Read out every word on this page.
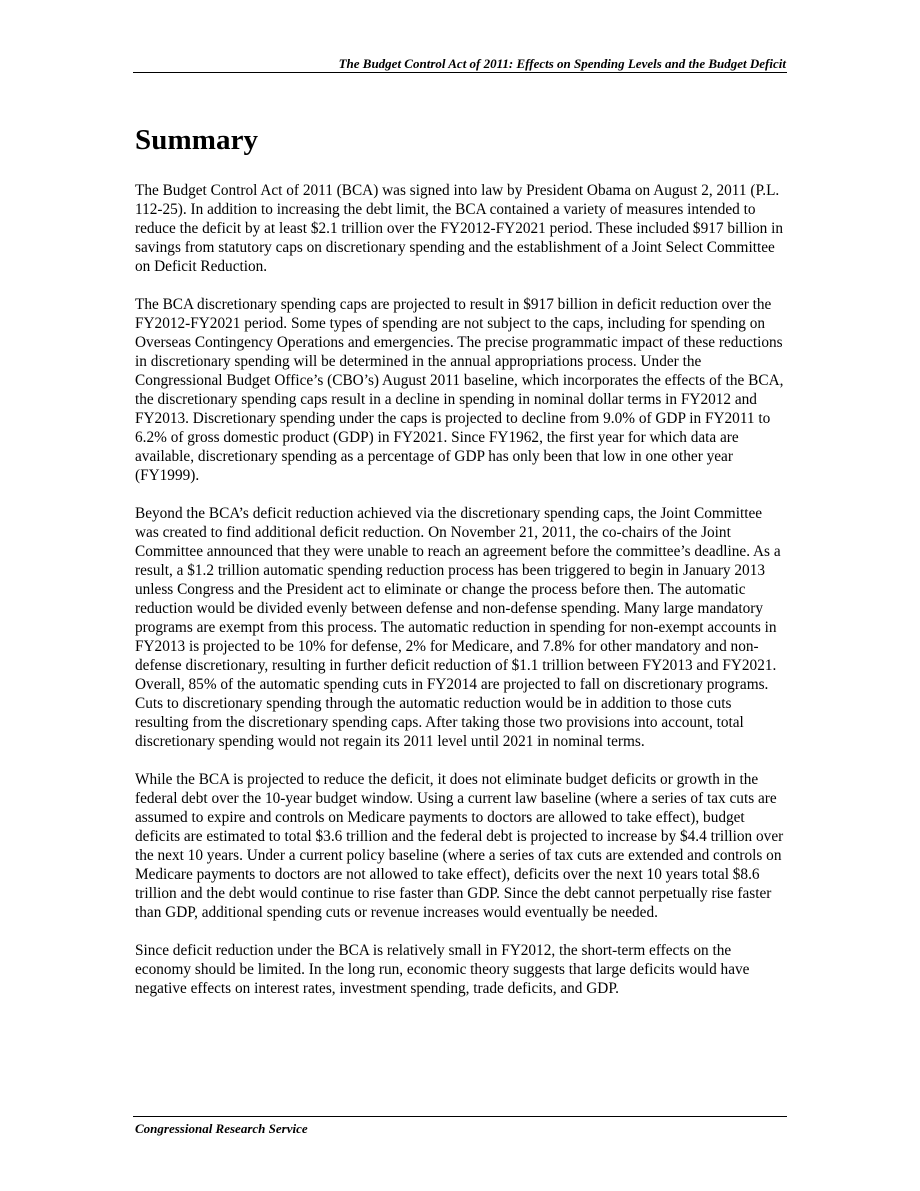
The Budget Control Act of 2011: Effects on Spending Levels and the Budget Deficit
Summary

The Budget Control Act of 2011 (BCA) was signed into law by President Obama on August 2, 2011 (P.L. 112-25). In addition to increasing the debt limit, the BCA contained a variety of measures intended to reduce the deficit by at least $2.1 trillion over the FY2012-FY2021 period. These included $917 billion in savings from statutory caps on discretionary spending and the establishment of a Joint Select Committee on Deficit Reduction.

The BCA discretionary spending caps are projected to result in $917 billion in deficit reduction over the FY2012-FY2021 period. Some types of spending are not subject to the caps, including for spending on Overseas Contingency Operations and emergencies. The precise programmatic impact of these reductions in discretionary spending will be determined in the annual appropriations process. Under the Congressional Budget Office’s (CBO’s) August 2011 baseline, which incorporates the effects of the BCA, the discretionary spending caps result in a decline in spending in nominal dollar terms in FY2012 and FY2013. Discretionary spending under the caps is projected to decline from 9.0% of GDP in FY2011 to 6.2% of gross domestic product (GDP) in FY2021. Since FY1962, the first year for which data are available, discretionary spending as a percentage of GDP has only been that low in one other year (FY1999).

Beyond the BCA’s deficit reduction achieved via the discretionary spending caps, the Joint Committee was created to find additional deficit reduction. On November 21, 2011, the co-chairs of the Joint Committee announced that they were unable to reach an agreement before the committee’s deadline. As a result, a $1.2 trillion automatic spending reduction process has been triggered to begin in January 2013 unless Congress and the President act to eliminate or change the process before then. The automatic reduction would be divided evenly between defense and non-defense spending. Many large mandatory programs are exempt from this process. The automatic reduction in spending for non-exempt accounts in FY2013 is projected to be 10% for defense, 2% for Medicare, and 7.8% for other mandatory and non-defense discretionary, resulting in further deficit reduction of $1.1 trillion between FY2013 and FY2021. Overall, 85% of the automatic spending cuts in FY2014 are projected to fall on discretionary programs. Cuts to discretionary spending through the automatic reduction would be in addition to those cuts resulting from the discretionary spending caps. After taking those two provisions into account, total discretionary spending would not regain its 2011 level until 2021 in nominal terms.

While the BCA is projected to reduce the deficit, it does not eliminate budget deficits or growth in the federal debt over the 10-year budget window. Using a current law baseline (where a series of tax cuts are assumed to expire and controls on Medicare payments to doctors are allowed to take effect), budget deficits are estimated to total $3.6 trillion and the federal debt is projected to increase by $4.4 trillion over the next 10 years. Under a current policy baseline (where a series of tax cuts are extended and controls on Medicare payments to doctors are not allowed to take effect), deficits over the next 10 years total $8.6 trillion and the debt would continue to rise faster than GDP. Since the debt cannot perpetually rise faster than GDP, additional spending cuts or revenue increases would eventually be needed.

Since deficit reduction under the BCA is relatively small in FY2012, the short-term effects on the economy should be limited. In the long run, economic theory suggests that large deficits would have negative effects on interest rates, investment spending, trade deficits, and GDP.

Congressional Research Service
